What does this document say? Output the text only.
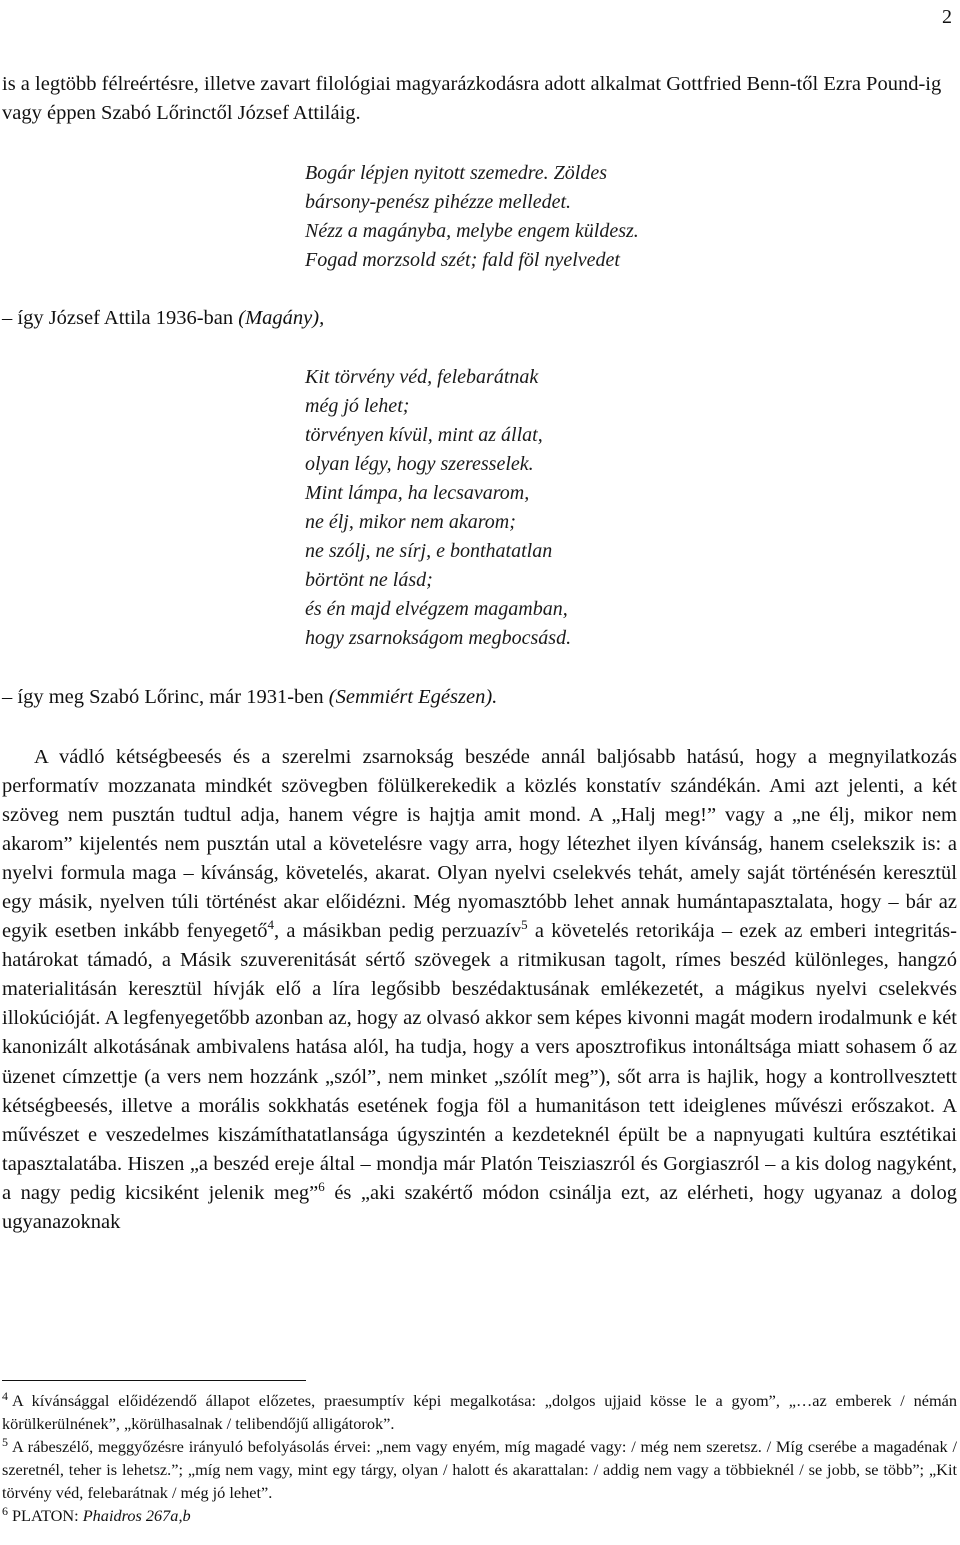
2
is a legtöbb félreértésre, illetve zavart filológiai magyarázkodásra adott alkalmat Gottfried Benn-től Ezra Pound-ig vagy éppen Szabó Lőrinctől József Attiláig.
Bogár lépjen nyitott szemedre. Zöldes
bársony-penész pihézze melledet.
Nézz a magányba, melybe engem küldesz.
Fogad morzsold szét; fald föl nyelvedet
– így József Attila 1936-ban (Magány),
Kit törvény véd, felebarátnak
még jó lehet;
törvényen kívül, mint az állat,
olyan légy, hogy szeresselek.
Mint lámpa, ha lecsavarom,
ne élj, mikor nem akarom;
ne szólj, ne sírj, e bonthatatlan
börtönt ne lásd;
és én majd elvégzem magamban,
hogy zsarnokságom megbocsásd.
– így meg Szabó Lőrinc, már 1931-ben (Semmiért Egészen).

A vádló kétségbeesés és a szerelmi zsarnokság beszéde annál baljósabb hatású, hogy a megnyilatkozás performatív mozzanata mindkét szövegben fölülkerekedik a közlés konstatív szándékán. Ami azt jelenti, a két szöveg nem pusztán tudtul adja, hanem végre is hajtja amit mond. A „Halj meg!” vagy a „ne élj, mikor nem akarom” kijelentés nem pusztán utal a követelésre vagy arra, hogy létezhet ilyen kívánság, hanem cselekszik is: a nyelvi formula maga – kívánság, követelés, akarat. Olyan nyelvi cselekvés tehát, amely saját történésén keresztül egy másik, nyelven túli történést akar előidézni. Még nyomasztóbb lehet annak humántapasztalata, hogy – bár az egyik esetben inkább fenyegető$^4$, a másikban pedig perzuazív$^5$ a követelés retorikája – ezek az emberi integritás-határokat támadó, a Másik szuverenitását sértő szövegek a ritmikusan tagolt, rímes beszéd különleges, hangzó materialitásán keresztül hívják elő a líra legősibb beszédaktusának emlékezetét, a mágikus nyelvi cselekvés illokúcióját. A legfenyegetőbb azonban az, hogy az olvasó akkor sem képes kivonni magát modern irodalmunk e két kanonizált alkotásának ambivalens hatása alól, ha tudja, hogy a vers aposztrofikus intonáltsága miatt sohasem ő az üzenet címzettje (a vers nem hozzánk „szól”, nem minket „szólít meg”), sőt arra is hajlik, hogy a kontrollvesztett kétségbeesés, illetve a morális sokkhatás esetének fogja föl a humanitáson tett ideiglenes művészi erőszakot. A művészet e veszedelmes kiszámíthatatlansága úgyszintén a kezdeteknél épült be a napnyugati kultúra esztétikai tapasztalatába. Hiszen „a beszéd ereje által – mondja már Platón Teisziaszról és Gorgiaszról – a kis dolog nagyként, a nagy pedig kicsiként jelenik meg”$^6$ és „aki szakértő módon csinálja ezt, az elérheti, hogy ugyanaz a dolog ugyanazoknak

$^4$ A kívánsággal előidézendő állapot előzetes, praesumptív képi megalkotása: „dolgos ujjaid kösse le a gyom”, „…az emberek / némán körülkerülnének”, „körülhasalnak / telibendőjű alligátorok”.

$^5$ A rábeszélő, meggyőzésre irányuló befolyásolás érvei: „nem vagy enyém, míg magadé vagy: / még nem szeretsz. / Míg cserébe a magadénak / szeretnél, teher is lehetsz.”; „míg nem vagy, mint egy tárgy, olyan / halott és akarattalan: / addig nem vagy a többieknél / se jobb, se több”; „Kit törvény véd, felebarátnak / még jó lehet”.

$^6$ PLATON: Phaidros 267a,b
